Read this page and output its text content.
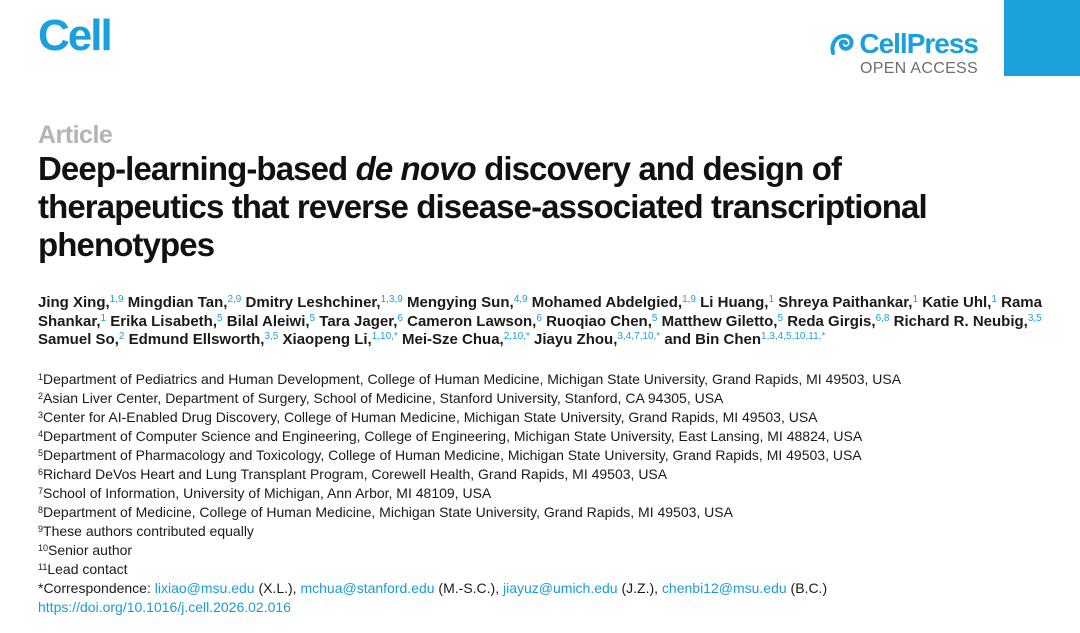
Cell	CellPress
OPEN ACCESS
Article
Deep-learning-based de novo discovery and design of therapeutics that reverse disease-associated transcriptional phenotypes
Jing Xing,$^{1,9}$ Mingdian Tan,$^{2,9}$ Dmitry Leshchiner,$^{1,3,9}$ Mengying Sun,$^{4,9}$ Mohamed Abdelgied,$^{1,9}$ Li Huang,$^1$ Shreya Paithankar,$^1$ Katie Uhl,$^1$ Rama Shankar,$^1$ Erika Lisabeth,$^5$ Bilal Aleiwi,$^5$ Tara Jager,$^6$ Cameron Lawson,$^6$ Ruoqiao Chen,$^5$ Matthew Giletto,$^5$ Reda Girgis,$^{6,8}$ Richard R. Neubig,$^{3,5}$ Samuel So,$^2$ Edmund Ellsworth,$^{3,5}$ Xiaopeng Li,$^{1,10,*}$ Mei-Sze Chua,$^{2,10,*}$ Jiayu Zhou,$^{3,4,7,10,*}$ and Bin Chen$^{1,3,4,5,10,11,*}$
$^1$Department of Pediatrics and Human Development, College of Human Medicine, Michigan State University, Grand Rapids, MI 49503, USA
$^2$Asian Liver Center, Department of Surgery, School of Medicine, Stanford University, Stanford, CA 94305, USA
$^3$Center for AI-Enabled Drug Discovery, College of Human Medicine, Michigan State University, Grand Rapids, MI 49503, USA
$^4$Department of Computer Science and Engineering, College of Engineering, Michigan State University, East Lansing, MI 48824, USA
$^5$Department of Pharmacology and Toxicology, College of Human Medicine, Michigan State University, Grand Rapids, MI 49503, USA
$^6$Richard DeVos Heart and Lung Transplant Program, Corewell Health, Grand Rapids, MI 49503, USA
$^7$School of Information, University of Michigan, Ann Arbor, MI 48109, USA
$^8$Department of Medicine, College of Human Medicine, Michigan State University, Grand Rapids, MI 49503, USA
$^9$These authors contributed equally
$^{10}$Senior author
$^{11}$Lead contact
*Correspondence: lixiao@msu.edu (X.L.), mchua@stanford.edu (M.-S.C.), jiayuz@umich.edu (J.Z.), chenbi12@msu.edu (B.C.)
https://doi.org/10.1016/j.cell.2026.02.016
